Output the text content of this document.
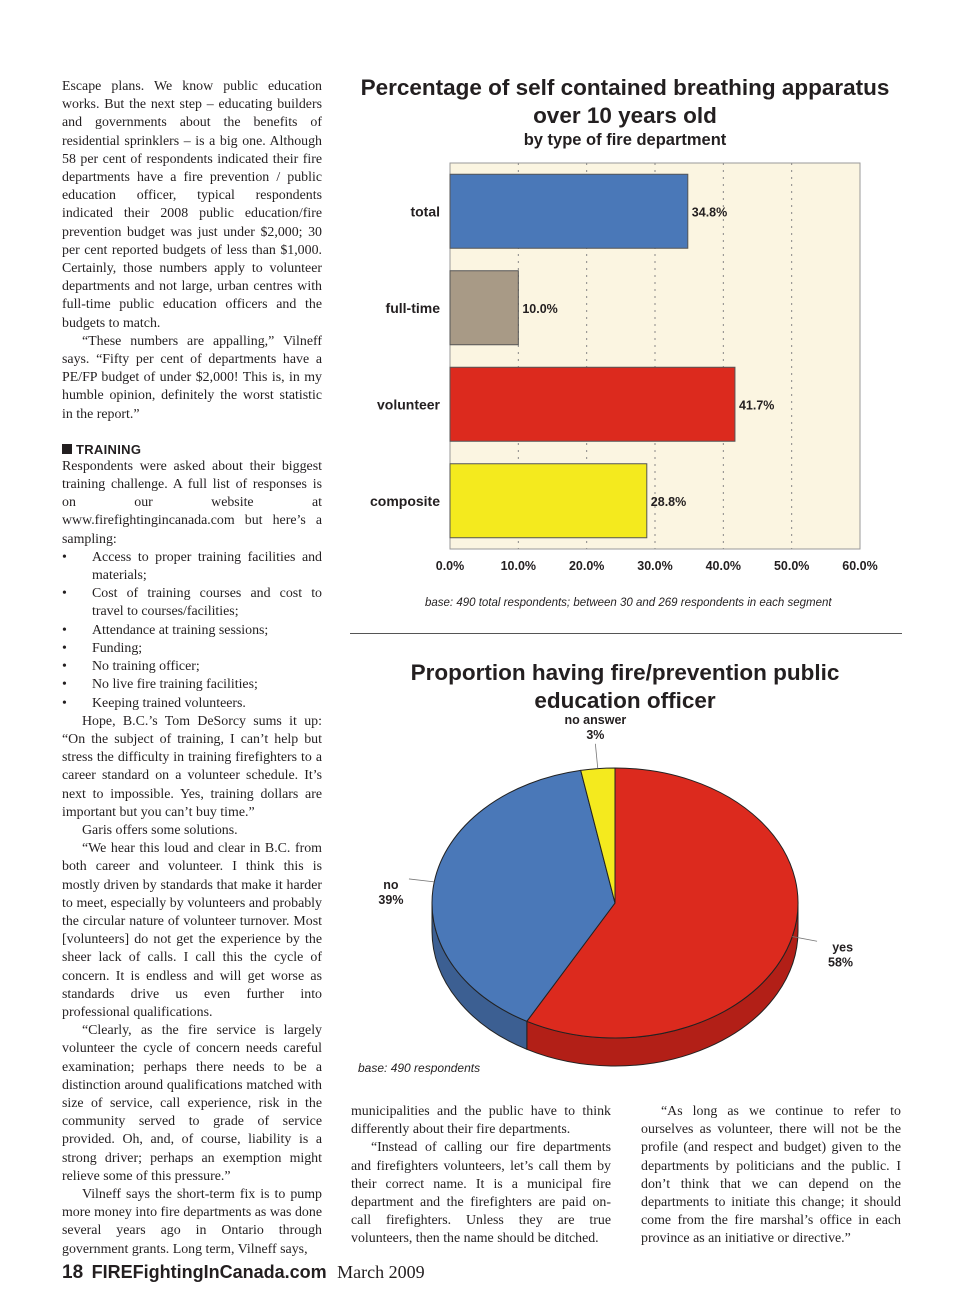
Escape plans. We know public education works. But the next step – educating builders and governments about the benefits of residential sprinklers – is a big one. Although 58 per cent of respondents indicated their fire departments have a fire prevention / public education officer, typical respondents indicated their 2008 public education/fire prevention budget was just under $2,000; 30 per cent reported budgets of less than $1,000. Certainly, those numbers apply to volunteer departments and not large, urban centres with full-time public education officers and the budgets to match.

“These numbers are appalling,” Vilneff says. “Fifty per cent of departments have a PE/FP budget of under $2,000! This is, in my humble opinion, definitely the worst statistic in the report.”

TRAINING

Respondents were asked about their biggest training challenge. A full list of responses is on our website at www.firefightingincanada.com but here’s a sampling:

• Access to proper training facilities and materials;
• Cost of training courses and cost to travel to courses/facilities;
• Attendance at training sessions;
• Funding;
• No training officer;
• No live fire training facilities;
• Keeping trained volunteers.

Hope, B.C.’s Tom DeSorcy sums it up: “On the subject of training, I can’t help but stress the difficulty in training firefighters to a career standard on a volunteer schedule. It’s next to impossible. Yes, training dollars are important but you can’t buy time.”

Garis offers some solutions.

“We hear this loud and clear in B.C. from both career and volunteer. I think this is mostly driven by standards that make it harder to meet, especially by volunteers and probably the circular nature of volunteer turnover. Most [volunteers] do not get the experience by the sheer lack of calls. I call this the cycle of concern. It is endless and will get worse as standards drive us even further into professional qualifications.

“Clearly, as the fire service is largely volunteer the cycle of concern needs careful examination; perhaps there needs to be a distinction around qualifications matched with size of service, call experience, risk in the community served to grade of service provided. Oh, and, of course, liability is a strong driver; perhaps an exemption might relieve some of this pressure.”

Vilneff says the short-term fix is to pump more money into fire departments as was done several years ago in Ontario through government grants. Long term, Vilneff says,

Percentage of self contained breathing apparatus over 10 years old
by type of fire department
total
full-time
volunteer
composite
34.8%
10.0%
41.7%
28.8%
0.0%	10.0%	20.0%	30.0%	40.0%	50.0%	60.0%
base: 490 total respondents; between 30 and 269 respondents in each segment
Proportion having fire/prevention public education officer
yes
58%
no
39%
no answer
3%
base: 490 respondents

municipalities and the public have to think differently about their fire departments.

“Instead of calling our fire departments and firefighters volunteers, let’s call them by their correct name. It is a municipal fire department and the firefighters are paid on-call firefighters. Unless they are true volunteers, then the name should be ditched.

“As long as we continue to refer to ourselves as volunteer, there will not be the profile (and respect and budget) given to the departments by politicians and the public. I don’t think that we can depend on the departments to initiate this change; it should come from the fire marshal’s office in each province as an initiative or directive.”

18 FIREFightingInCanada.com March 2009
